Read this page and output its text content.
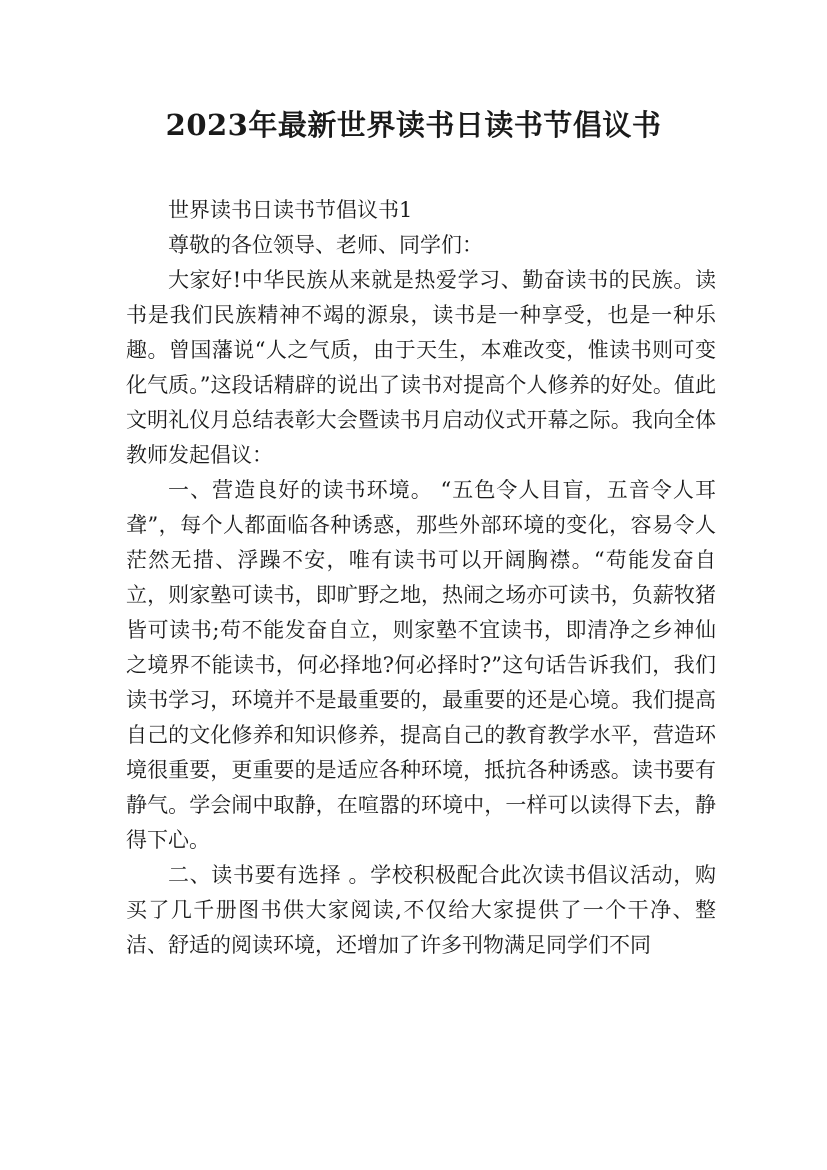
2023年最新世界读书日读书节倡议书

世界读书日读书节倡议书1

尊敬的各位领导、老师、同学们：

大家好!中华民族从来就是热爱学习、勤奋读书的民族。读书是我们民族精神不竭的源泉，读书是一种享受，也是一种乐趣。曾国藩说“人之气质，由于天生，本难改变，惟读书则可变化气质。”这段话精辟的说出了读书对提高个人修养的好处。值此文明礼仪月总结表彰大会暨读书月启动仪式开幕之际。我向全体教师发起倡议：

一、营造良好的读书环境。 “五色令人目盲，五音令人耳聋”，每个人都面临各种诱惑，那些外部环境的变化，容易令人茫然无措、浮躁不安，唯有读书可以开阔胸襟。“苟能发奋自立，则家塾可读书，即旷野之地，热闹之场亦可读书，负薪牧猪皆可读书;苟不能发奋自立，则家塾不宜读书，即清净之乡神仙之境界不能读书，何必择地?何必择时?”这句话告诉我们，我们读书学习，环境并不是最重要的，最重要的还是心境。我们提高自己的文化修养和知识修养，提高自己的教育教学水平，营造环境很重要，更重要的是适应各种环境，抵抗各种诱惑。读书要有静气。学会闹中取静，在喧嚣的环境中，一样可以读得下去，静得下心。

二、读书要有选择 。学校积极配合此次读书倡议活动，购买了几千册图书供大家阅读,不仅给大家提供了一个干净、整洁、舒适的阅读环境，还增加了许多刊物满足同学们不同
